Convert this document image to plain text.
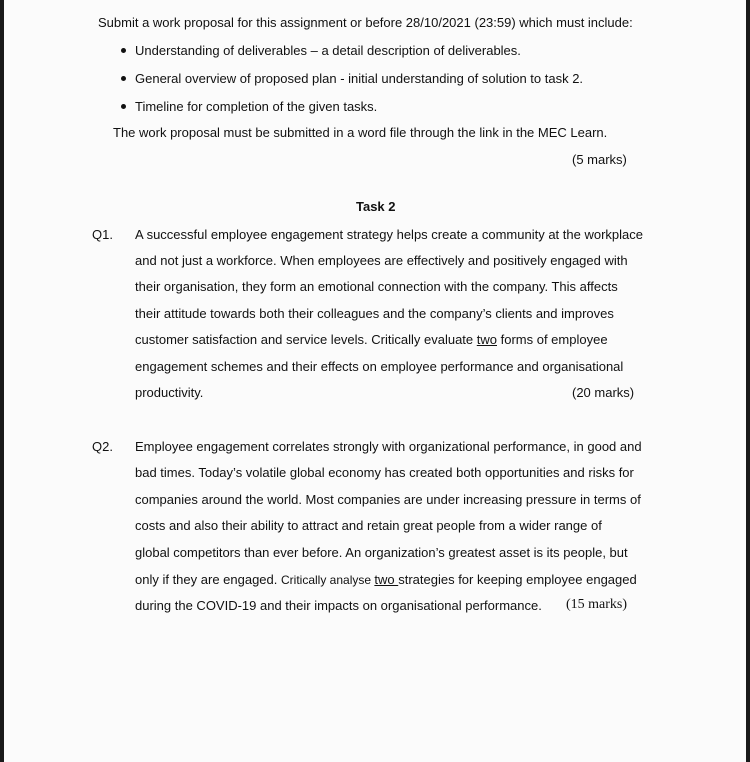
Submit a work proposal for this assignment or before 28/10/2021 (23:59) which must include:
Understanding of deliverables – a detail description of deliverables.
General overview of proposed plan - initial understanding of solution to task 2.
Timeline for completion of the given tasks.
The work proposal must be submitted in a word file through the link in the MEC Learn.
(5 marks)
Task 2
Q1. A successful employee engagement strategy helps create a community at the workplace
and not just a workforce. When employees are effectively and positively engaged with
their organisation, they form an emotional connection with the company. This affects
their attitude towards both their colleagues and the company’s clients and improves
customer satisfaction and service levels. Critically evaluate two forms of employee
engagement schemes and their effects on employee performance and organisational
productivity.	(20 marks)
Q2. Employee engagement correlates strongly with organizational performance, in good and
bad times. Today’s volatile global economy has created both opportunities and risks for
companies around the world. Most companies are under increasing pressure in terms of
costs and also their ability to attract and retain great people from a wider range of
global competitors than ever before. An organization’s greatest asset is its people, but
only if they are engaged. Critically analyse two strategies for keeping employee engaged
during the COVID-19 and their impacts on organisational performance. (15 marks)
